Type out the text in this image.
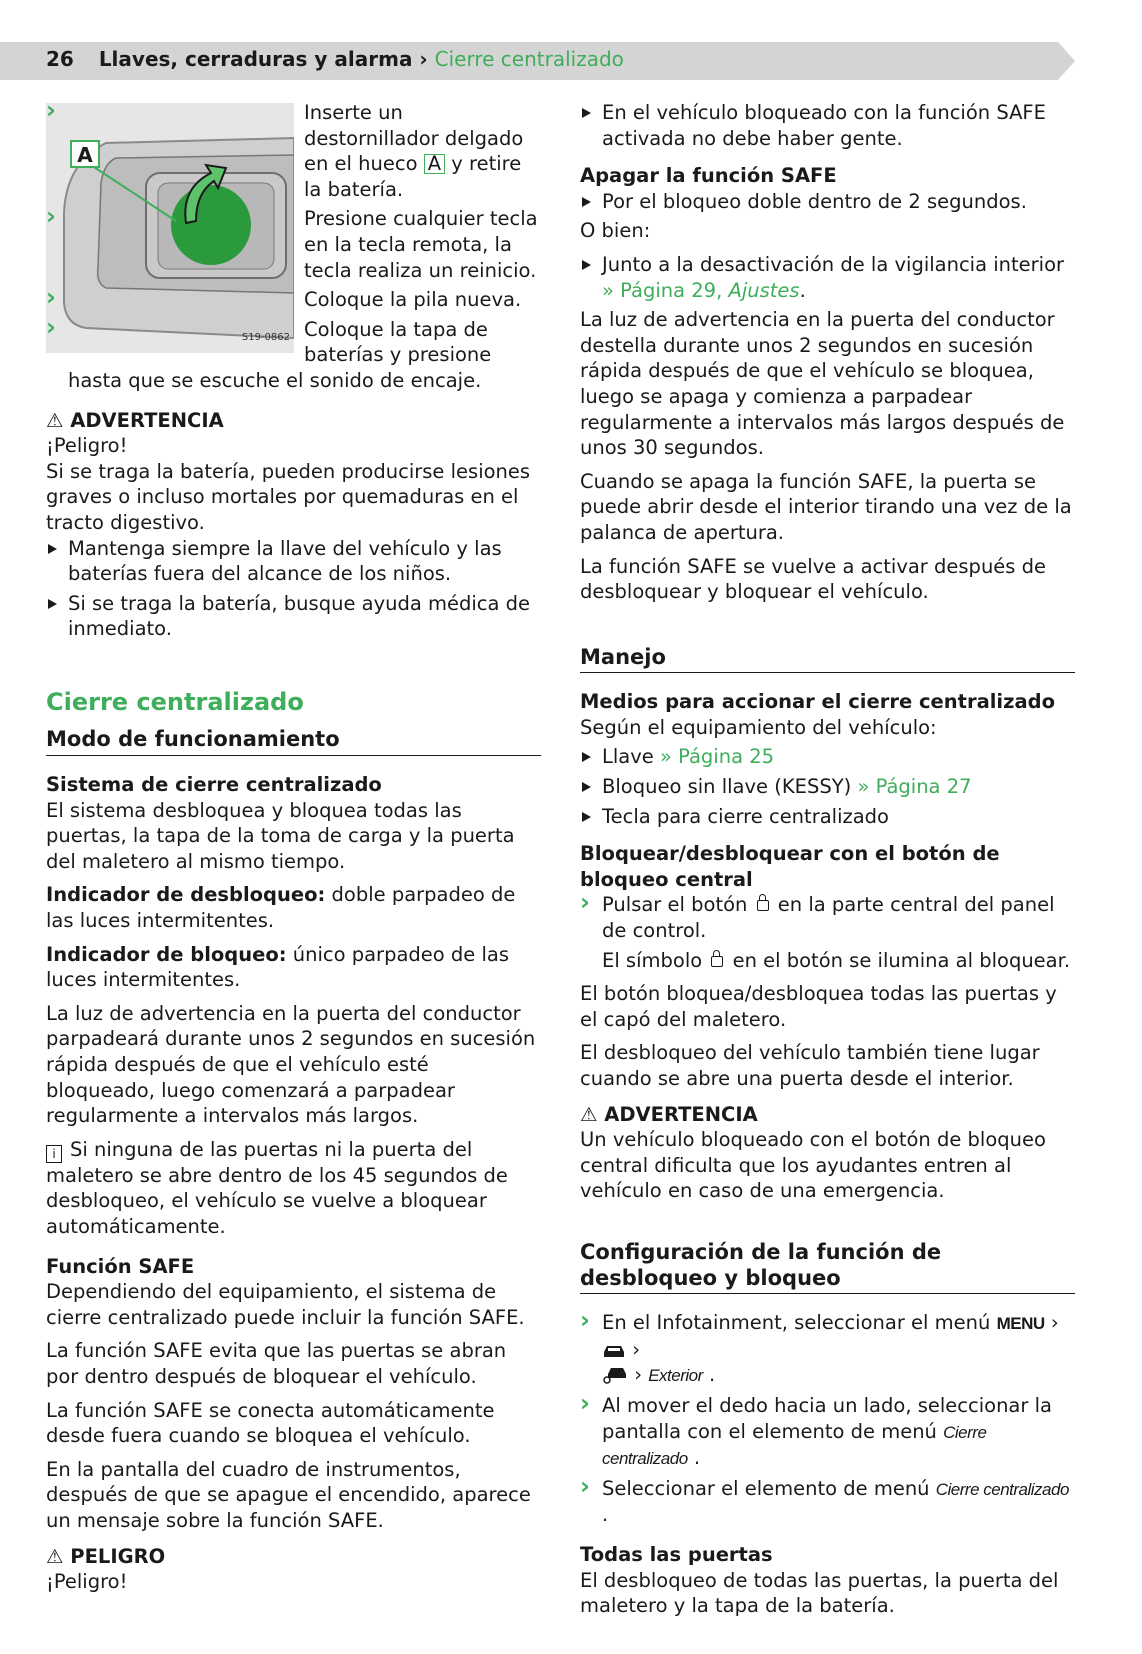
26 Llaves, cerraduras y alarma › Cierre centralizado
A
S19-0862

› Inserte un destornillador delgado en el hueco A y retire la batería.

› Presione cualquier tecla en la tecla remota, la tecla realiza un reinicio.

› Coloque la pila nueva.

› Coloque la tapa de baterías y presione hasta que se escuche el sonido de encaje.

⚠ ADVERTENCIA

¡Peligro!

Si se traga la batería, pueden producirse lesiones graves o incluso mortales por quemaduras en el tracto digestivo.

Mantenga siempre la llave del vehículo y las baterías fuera del alcance de los niños.

Si se traga la batería, busque ayuda médica de inmediato.

Cierre centralizado
Modo de funcionamiento

Sistema de cierre centralizado

El sistema desbloquea y bloquea todas las puertas, la tapa de la toma de carga y la puerta del maletero al mismo tiempo.

Indicador de desbloqueo: doble parpadeo de las luces intermitentes.

Indicador de bloqueo: único parpadeo de las luces intermitentes.

La luz de advertencia en la puerta del conductor parpadeará durante unos 2 segundos en sucesión rápida después de que el vehículo esté bloqueado, luego comenzará a parpadear regularmente a intervalos más largos.

i Si ninguna de las puertas ni la puerta del maletero se abre dentro de los 45 segundos de desbloqueo, el vehículo se vuelve a bloquear automáticamente.

Función SAFE

Dependiendo del equipamiento, el sistema de cierre centralizado puede incluir la función SAFE.

La función SAFE evita que las puertas se abran por dentro después de bloquear el vehículo.

La función SAFE se conecta automáticamente desde fuera cuando se bloquea el vehículo.

En la pantalla del cuadro de instrumentos, después de que se apague el encendido, aparece un mensaje sobre la función SAFE.

⚠ PELIGRO

¡Peligro!

En el vehículo bloqueado con la función SAFE activada no debe haber gente.

Apagar la función SAFE

Por el bloqueo doble dentro de 2 segundos.

O bien:

Junto a la desactivación de la vigilancia interior » Página 29, Ajustes.

La luz de advertencia en la puerta del conductor destella durante unos 2 segundos en sucesión rápida después de que el vehículo se bloquea, luego se apaga y comienza a parpadear regularmente a intervalos más largos después de unos 30 segundos.

Cuando se apaga la función SAFE, la puerta se puede abrir desde el interior tirando una vez de la palanca de apertura.

La función SAFE se vuelve a activar después de desbloquear y bloquear el vehículo.

Manejo

Medios para accionar el cierre centralizado

Según el equipamiento del vehículo:

Llave » Página 25

Bloqueo sin llave (KESSY) » Página 27

Tecla para cierre centralizado

Bloquear/desbloquear con el botón de bloqueo central

› Pulsar el botón  en la parte central del panel de control.

El símbolo  en el botón se ilumina al bloquear.

El botón bloquea/desbloquea todas las puertas y el capó del maletero.

El desbloqueo del vehículo también tiene lugar cuando se abre una puerta desde el interior.

⚠ ADVERTENCIA

Un vehículo bloqueado con el botón de bloqueo central dificulta que los ayudantes entren al vehículo en caso de una emergencia.

Configuración de la función de desbloqueo y bloqueo

› En el Infotainment, seleccionar el menú MENU ›  ›
› Exterior .

› Al mover el dedo hacia un lado, seleccionar la pantalla con el elemento de menú Cierre centralizado .

› Seleccionar el elemento de menú Cierre centralizado .

Todas las puertas

El desbloqueo de todas las puertas, la puerta del maletero y la tapa de la batería.
